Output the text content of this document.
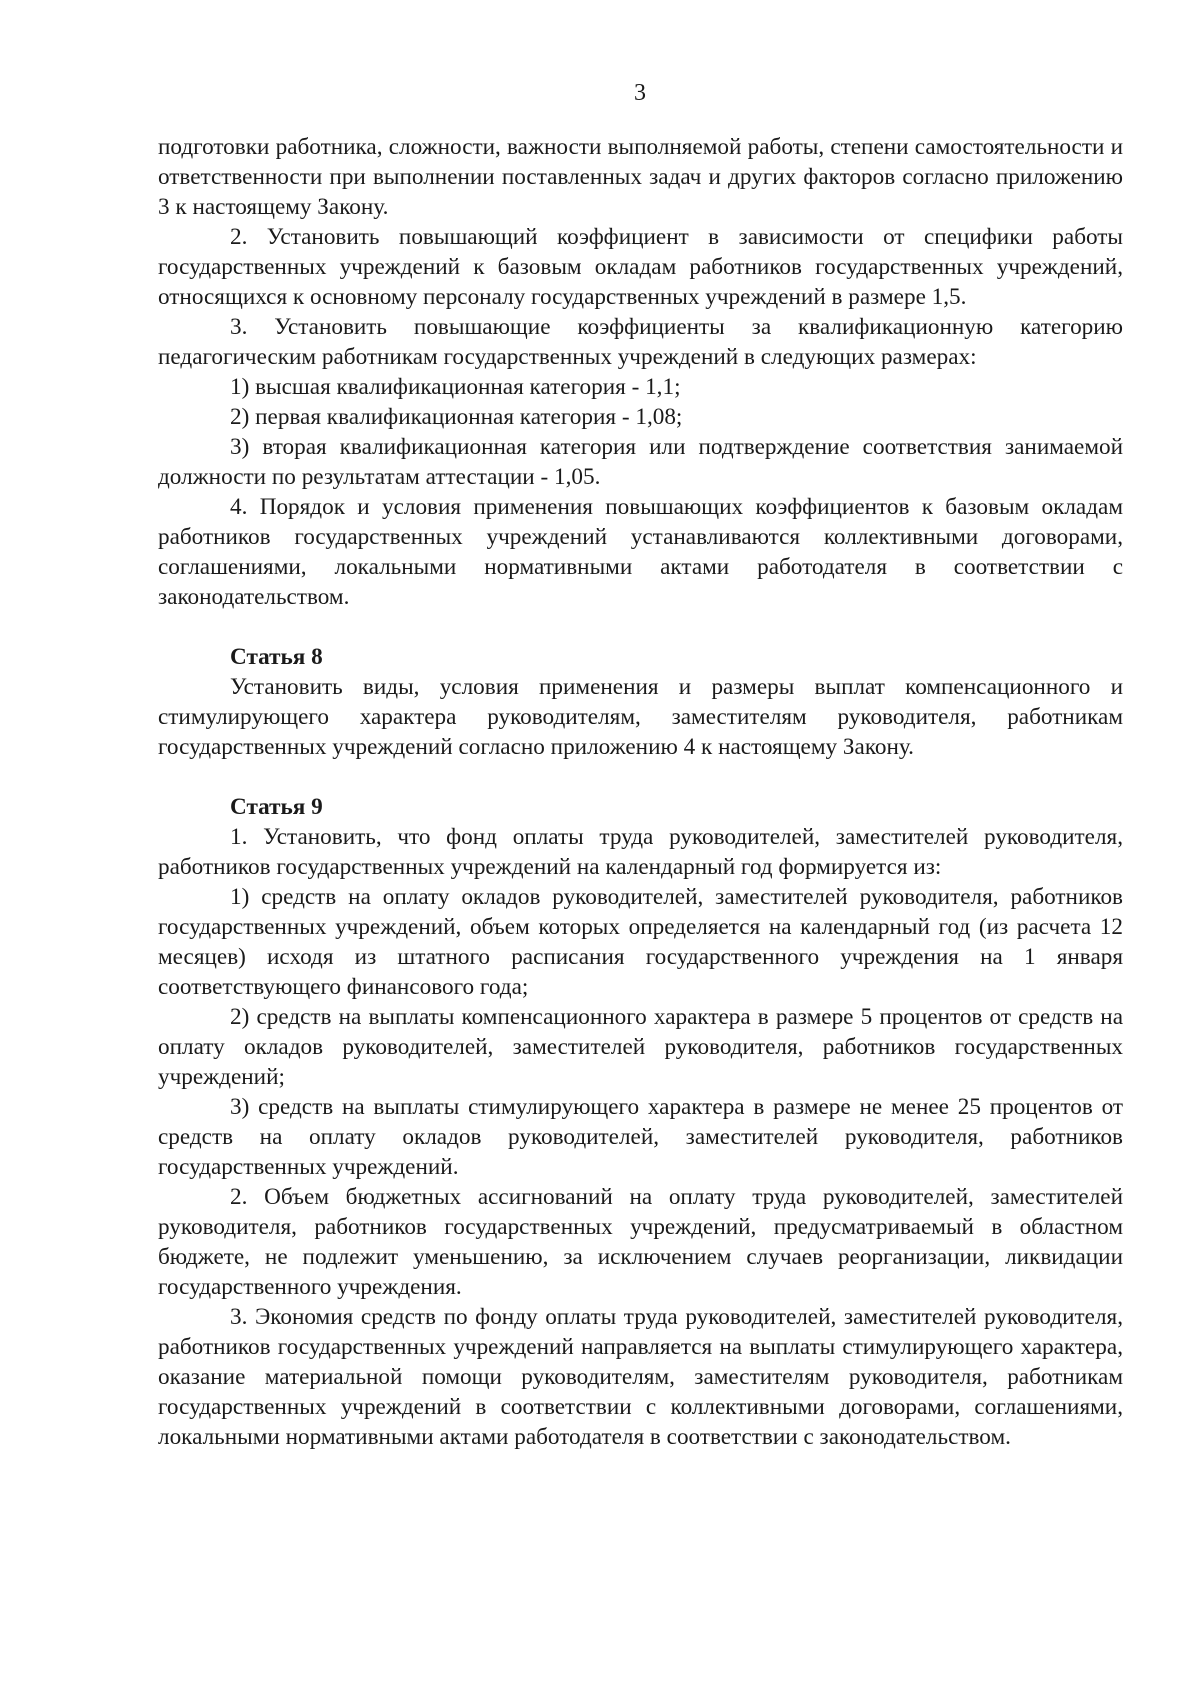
3

подготовки работника, сложности, важности выполняемой работы, степени самостоятельности и ответственности при выполнении поставленных задач и других факторов согласно приложению 3 к настоящему Закону.

2. Установить повышающий коэффициент в зависимости от специфики работы государственных учреждений к базовым окладам работников государственных учреждений, относящихся к основному персоналу государственных учреждений в размере 1,5.

3. Установить повышающие коэффициенты за квалификационную категорию педагогическим работникам государственных учреждений в следующих размерах:

1) высшая квалификационная категория - 1,1;

2) первая квалификационная категория - 1,08;

3) вторая квалификационная категория или подтверждение соответствия занимаемой должности по результатам аттестации - 1,05.

4. Порядок и условия применения повышающих коэффициентов к базовым окладам работников государственных учреждений устанавливаются коллективными договорами, соглашениями, локальными нормативными актами работодателя в соответствии с законодательством.

Статья 8

Установить виды, условия применения и размеры выплат компенсационного и стимулирующего характера руководителям, заместителям руководителя, работникам государственных учреждений согласно приложению 4 к настоящему Закону.

Статья 9

1. Установить, что фонд оплаты труда руководителей, заместителей руководителя, работников государственных учреждений на календарный год формируется из:

1) средств на оплату окладов руководителей, заместителей руководителя, работников государственных учреждений, объем которых определяется на календарный год (из расчета 12 месяцев) исходя из штатного расписания государственного учреждения на 1 января соответствующего финансового года;

2) средств на выплаты компенсационного характера в размере 5 процентов от средств на оплату окладов руководителей, заместителей руководителя, работников государственных учреждений;

3) средств на выплаты стимулирующего характера в размере не менее 25 процентов от средств на оплату окладов руководителей, заместителей руководителя, работников государственных учреждений.

2. Объем бюджетных ассигнований на оплату труда руководителей, заместителей руководителя, работников государственных учреждений, предусматриваемый в областном бюджете, не подлежит уменьшению, за исключением случаев реорганизации, ликвидации государственного учреждения.

3. Экономия средств по фонду оплаты труда руководителей, заместителей руководителя, работников государственных учреждений направляется на выплаты стимулирующего характера, оказание материальной помощи руководителям, заместителям руководителя, работникам государственных учреждений в соответствии с коллективными договорами, соглашениями, локальными нормативными актами работодателя в соответствии с законодательством.
